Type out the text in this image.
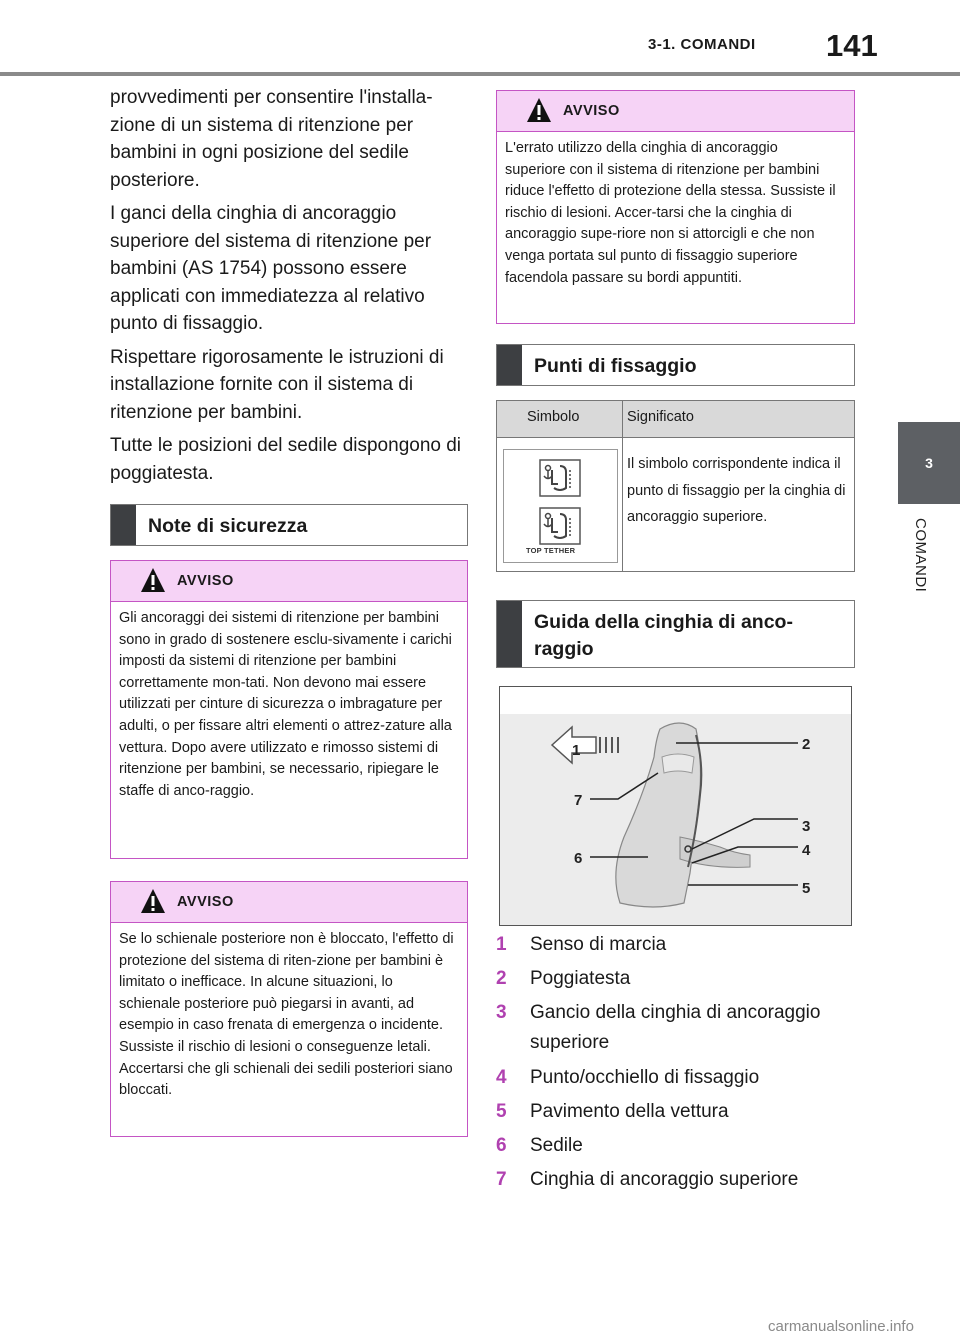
3-1. COMANDI 141
3
COMANDI

provvedimenti per consentire l'installa-zione di un sistema di ritenzione per bambini in ogni posizione del sedile posteriore.

I ganci della cinghia di ancoraggio superiore del sistema di ritenzione per bambini (AS 1754) possono essere applicati con immediatezza al relativo punto di fissaggio.

Rispettare rigorosamente le istruzioni di installazione fornite con il sistema di ritenzione per bambini.

Tutte le posizioni del sedile dispongono di poggiatesta.

Note di sicurezza
AVVISO
Gli ancoraggi dei sistemi di ritenzione per bambini sono in grado di sostenere esclu-sivamente i carichi imposti da sistemi di ritenzione per bambini correttamente mon-tati. Non devono mai essere utilizzati per cinture di sicurezza o imbragature per adulti, o per fissare altri elementi o attrez-zature alla vettura. Dopo avere utilizzato e rimosso sistemi di ritenzione per bambini, se necessario, ripiegare le staffe di anco-raggio.
AVVISO
Se lo schienale posteriore non è bloccato, l'effetto di protezione del sistema di riten-zione per bambini è limitato o inefficace. In alcune situazioni, lo schienale posteriore può piegarsi in avanti, ad esempio in caso frenata di emergenza o incidente. Sussiste il rischio di lesioni o conseguenze letali. Accertarsi che gli schienali dei sedili posteriori siano bloccati.
AVVISO
L'errato utilizzo della cinghia di ancoraggio superiore con il sistema di ritenzione per bambini riduce l'effetto di protezione della stessa. Sussiste il rischio di lesioni. Accer-tarsi che la cinghia di ancoraggio supe-riore non si attorcigli e che non venga portata sul punto di fissaggio superiore facendola passare su bordi appuntiti.
Punti di fissaggio
Simbolo	Significato
TOP TETHER
Il simbolo corrispondente indica il punto di fissaggio per la cinghia di ancoraggio superiore.
Guida della cinghia di anco-raggio
1	2
3
4
5
6
7
1	Senso di marcia
2	Poggiatesta
3	Gancio della cinghia di ancoraggio superiore
4	Punto/occhiello di fissaggio
5	Pavimento della vettura
6	Sedile
7	Cinghia di ancoraggio superiore
carmanualsonline.info
